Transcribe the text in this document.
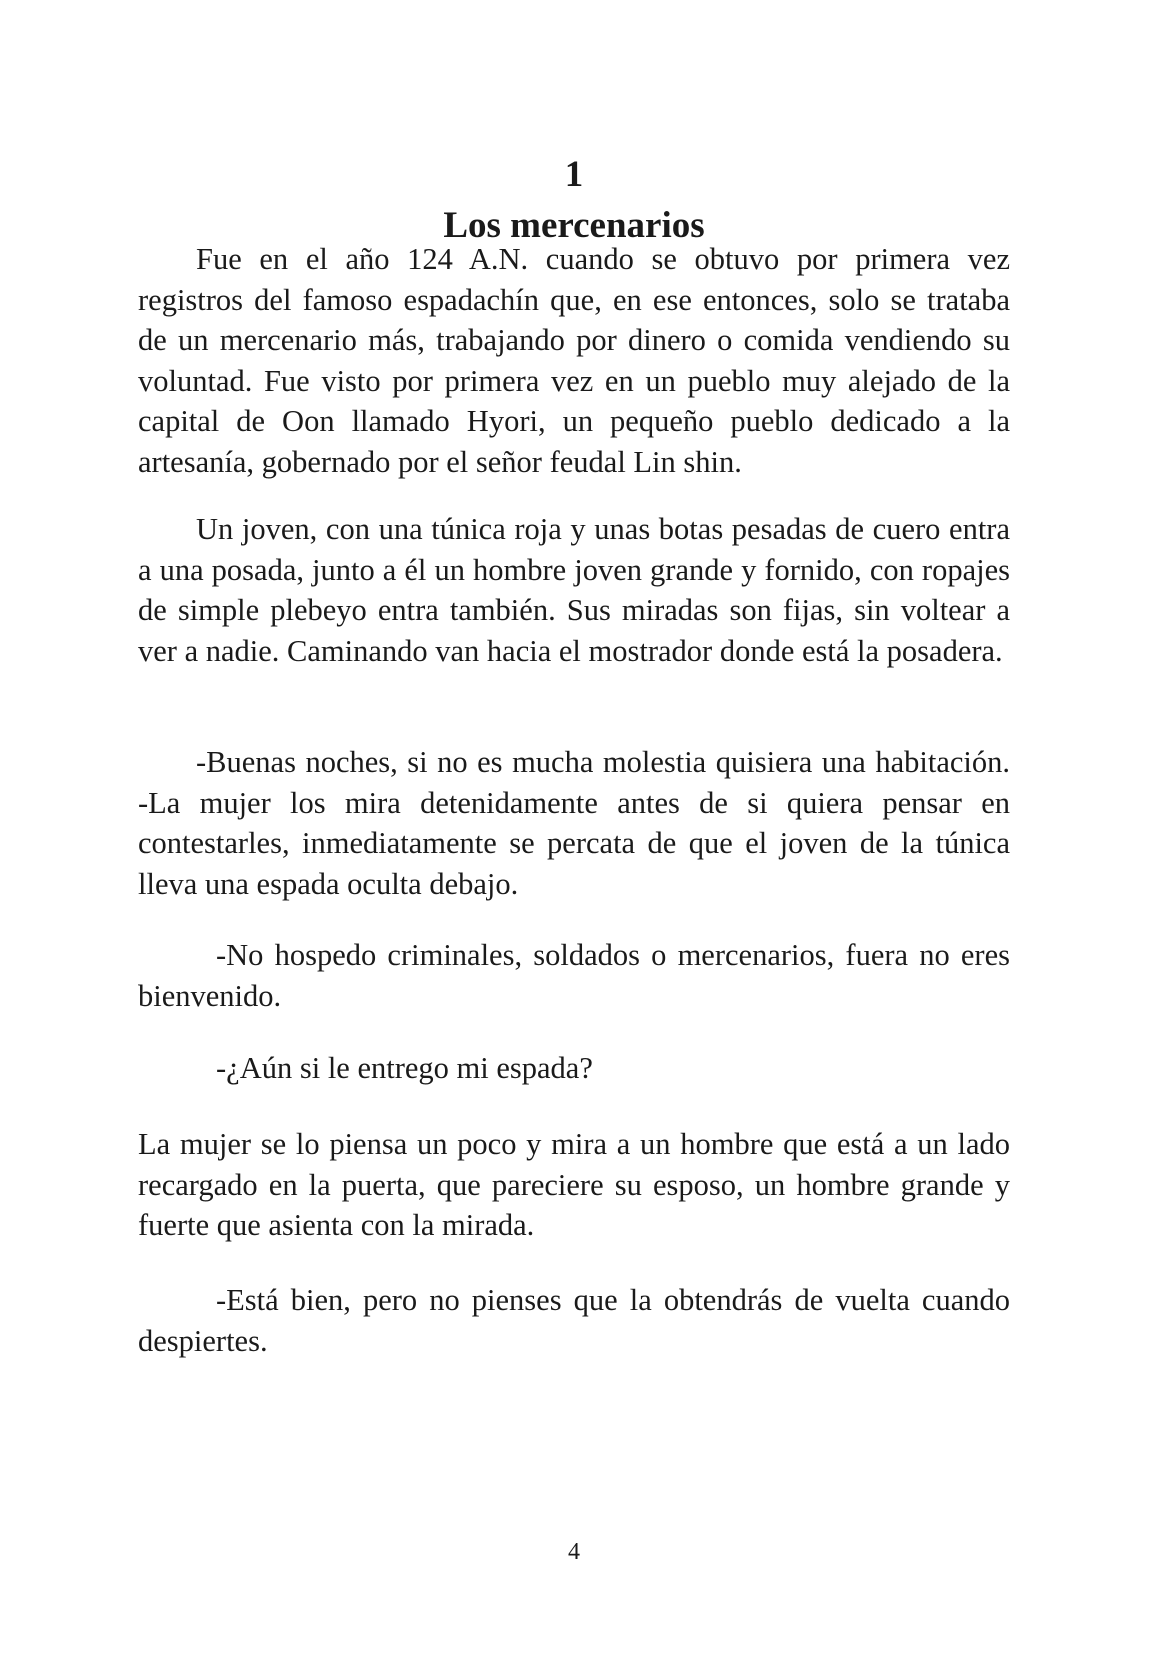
1
Los mercenarios

Fue en el año 124 A.N. cuando se obtuvo por primera vez registros del famoso espadachín que, en ese entonces, solo se trataba de un mercenario más, trabajando por dinero o comida vendiendo su voluntad. Fue visto por primera vez en un pueblo muy alejado de la capital de Oon llamado Hyori, un pequeño pueblo dedicado a la artesanía, gobernado por el señor feudal Lin shin.

Un joven, con una túnica roja y unas botas pesadas de cuero entra a una posada, junto a él un hombre joven grande y fornido, con ropajes de simple plebeyo entra también. Sus miradas son fijas, sin voltear a ver a nadie. Caminando van hacia el mostrador donde está la posadera.

-Buenas noches, si no es mucha molestia quisiera una habitación. -La mujer los mira detenidamente antes de si quiera pensar en contestarles, inmediatamente se percata de que el joven de la túnica lleva una espada oculta debajo.

-No hospedo criminales, soldados o mercenarios, fuera no eres bienvenido.

-¿Aún si le entrego mi espada?

La mujer se lo piensa un poco y mira a un hombre que está a un lado recargado en la puerta, que pareciere su esposo, un hombre grande y fuerte que asienta con la mirada.

-Está bien, pero no pienses que la obtendrás de vuelta cuando despiertes.

4
